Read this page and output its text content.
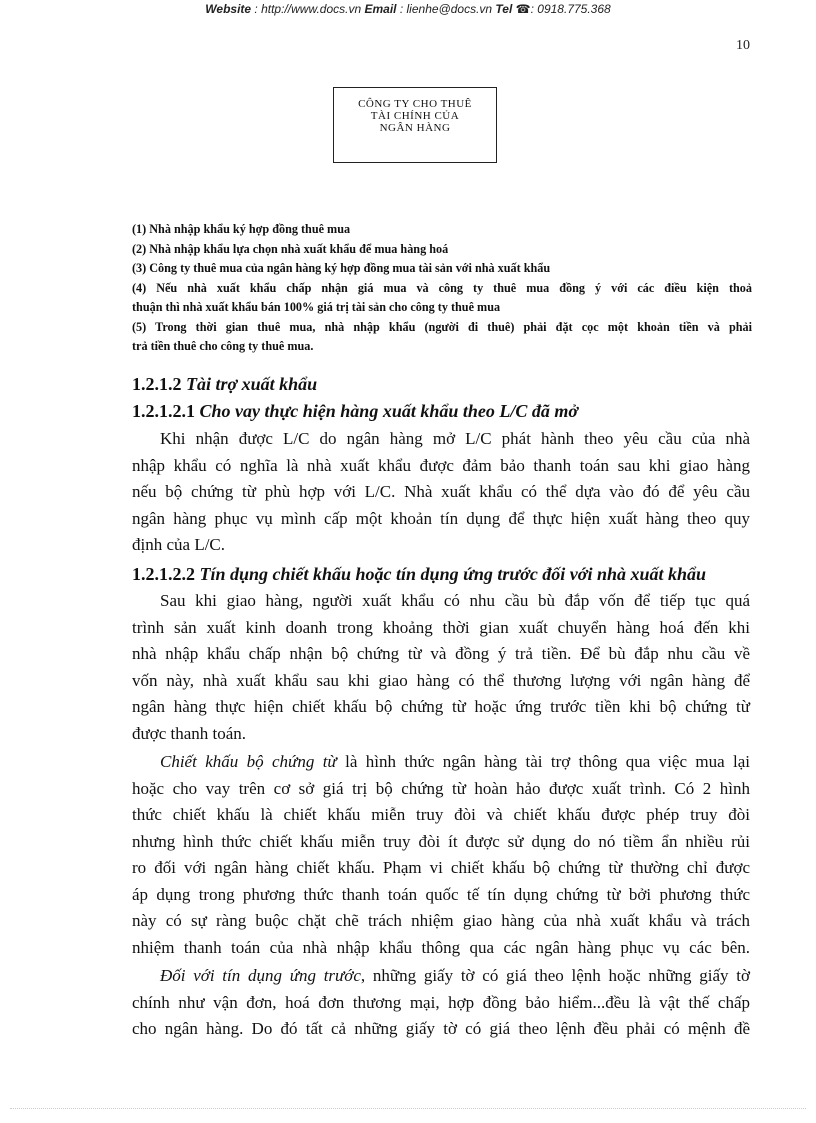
Website : http://www.docs.vn Email : lienhe@docs.vn Tel ☎: 0918.775.368
10
CÔNG TY CHO THUÊ
TÀI CHÍNH CỦA
NGÂN HÀNG

(1) Nhà nhập khẩu ký hợp đồng thuê mua

(2) Nhà nhập khẩu lựa chọn nhà xuất khẩu để mua hàng hoá

(3) Công ty thuê mua của ngân hàng ký hợp đồng mua tài sản với nhà xuất khẩu

(4) Nếu nhà xuất khẩu chấp nhận giá mua và công ty thuê mua đồng ý với các điều kiện thoả

thuận thì nhà xuất khẩu bán 100% giá trị tài sản cho công ty thuê mua

(5) Trong thời gian thuê mua, nhà nhập khẩu (người đi thuê) phải đặt cọc một khoản tiền và phải

trả tiền thuê cho công ty thuê mua.

1.2.1.2 Tài trợ xuất khẩu
1.2.1.2.1 Cho vay thực hiện hàng xuất khẩu theo L/C đã mở
Khi nhận được L/C do ngân hàng mở L/C phát hành theo yêu cầu của nhà
nhập khẩu có nghĩa là nhà xuất khẩu được đảm bảo thanh toán sau khi giao hàng
nếu bộ chứng từ phù hợp với L/C. Nhà xuất khẩu có thể dựa vào đó để yêu cầu
ngân hàng phục vụ mình cấp một khoản tín dụng để thực hiện xuất hàng theo quy
định của L/C.
1.2.1.2.2 Tín dụng chiết khấu hoặc tín dụng ứng trước đối với nhà xuất khẩu
Sau khi giao hàng, người xuất khẩu có nhu cầu bù đắp vốn để tiếp tục quá
trình sản xuất kinh doanh trong khoảng thời gian xuất chuyển hàng hoá đến khi
nhà nhập khẩu chấp nhận bộ chứng từ và đồng ý trả tiền. Để bù đắp nhu cầu về
vốn này, nhà xuất khẩu sau khi giao hàng có thể thương lượng với ngân hàng để
ngân hàng thực hiện chiết khấu bộ chứng từ hoặc ứng trước tiền khi bộ chứng từ
được thanh toán.
Chiết khấu bộ chứng từ là hình thức ngân hàng tài trợ thông qua việc mua lại
hoặc cho vay trên cơ sở giá trị bộ chứng từ hoàn hảo được xuất trình. Có 2 hình
thức chiết khấu là chiết khấu miễn truy đòi và chiết khấu được phép truy đòi
nhưng hình thức chiết khấu miễn truy đòi ít được sử dụng do nó tiềm ẩn nhiều rủi
ro đối với ngân hàng chiết khấu. Phạm vi chiết khấu bộ chứng từ thường chỉ được
áp dụng trong phương thức thanh toán quốc tế tín dụng chứng từ bởi phương thức
này có sự ràng buộc chặt chẽ trách nhiệm giao hàng của nhà xuất khẩu và trách
nhiệm thanh toán của nhà nhập khẩu thông qua các ngân hàng phục vụ các bên.
Đối với tín dụng ứng trước, những giấy tờ có giá theo lệnh hoặc những giấy tờ
chính như vận đơn, hoá đơn thương mại, hợp đồng bảo hiểm...đều là vật thế chấp
cho ngân hàng. Do đó tất cả những giấy tờ có giá theo lệnh đều phải có mệnh đề
